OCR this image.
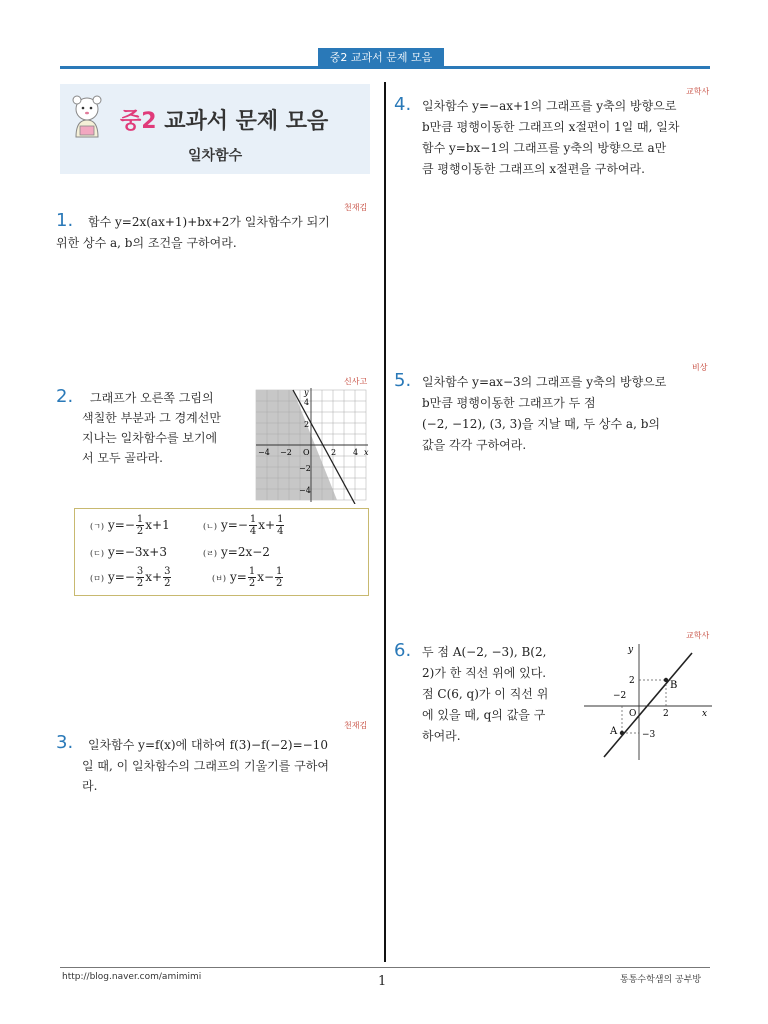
중2 교과서 문제 모음
중2 교과서 문제 모음
일차함수
천재김
1. 함수 y=2x(ax+1)+bx+2가 일차함수가 되기
위한 상수 a, b의 조건을 구하여라.
신사고
2. 그래프가 오른쪽 그림의
색칠한 부분과 그 경계선만
지나는 일차함수를 보기에
서 모두 골라라.	−4 −2 O	2 4 x
4
2
−2
−4
y
(ㄱ) $y=- \frac{1}{2} x+1$	(ㄴ) $y=- \frac{1}{4} x+ \frac{1}{4}$
(ㄷ) y=−3x+3	(ㄹ) y=2x−2
(ㅁ) $y=- \frac{3}{2} x+ \frac{3}{2}$	(ㅂ) $y= \frac{1}{2} x- \frac{1}{2}$
천재김
3. 일차함수 y=f(x)에 대하여 f(3)−f(−2)=−10
일 때, 이 일차함수의 그래프의 기울기를 구하여
라.
교학사
4. 일차함수 y=−ax+1의 그래프를 y축의 방향으로
b만큼 평행이동한 그래프의 x절편이 1일 때, 일차
함수 y=bx−1의 그래프를 y축의 방향으로 a만
큼 평행이동한 그래프의 x절편을 구하여라.
비상
5. 일차함수 y=ax−3의 그래프를 y축의 방향으로
b만큼 평행이동한 그래프가 두 점
(−2, −12), (3, 3)을 지날 때, 두 상수 a, b의
값을 각각 구하여라.
교학사
6. 두 점 A(−2, −3), B(2,
2)가 한 직선 위에 있다.
점 C(6, q)가 이 직선 위
에 있을 때, q의 값을 구
하여라.	A
B
O
2
−2
2
−3
x
y
http://blog.naver.com/amimimi	1	통통수학샘의 공부방
